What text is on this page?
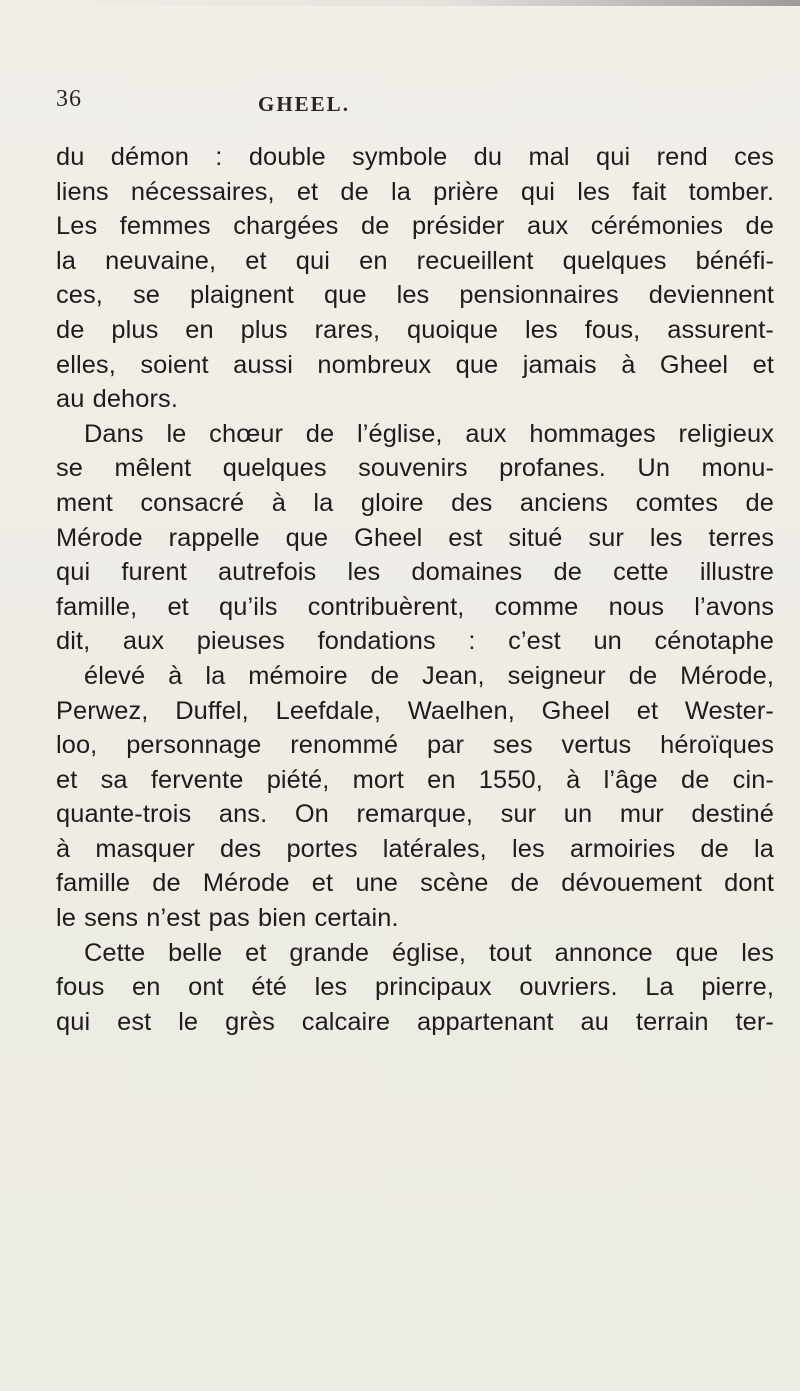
36	GHEEL.
du démon : double symbole du mal qui rend ces
liens nécessaires, et de la prière qui les fait tomber.
Les femmes chargées de présider aux cérémonies de
la neuvaine, et qui en recueillent quelques bénéfi-
ces, se plaignent que les pensionnaires deviennent
de plus en plus rares, quoique les fous, assurent-
elles, soient aussi nombreux que jamais à Gheel et
au dehors.
Dans le chœur de l’église, aux hommages religieux
se mêlent quelques souvenirs profanes. Un monu-
ment consacré à la gloire des anciens comtes de
Mérode rappelle que Gheel est situé sur les terres
qui furent autrefois les domaines de cette illustre
famille, et qu’ils contribuèrent, comme nous l’avons
dit, aux pieuses fondations : c’est un cénotaphe
élevé à la mémoire de Jean, seigneur de Mérode,
Perwez, Duffel, Leefdale, Waelhen, Gheel et Wester-
loo, personnage renommé par ses vertus héroïques
et sa fervente piété, mort en 1550, à l’âge de cin-
quante-trois ans. On remarque, sur un mur destiné
à masquer des portes latérales, les armoiries de la
famille de Mérode et une scène de dévouement dont
le sens n’est pas bien certain.
Cette belle et grande église, tout annonce que les
fous en ont été les principaux ouvriers. La pierre,
qui est le grès calcaire appartenant au terrain ter-
